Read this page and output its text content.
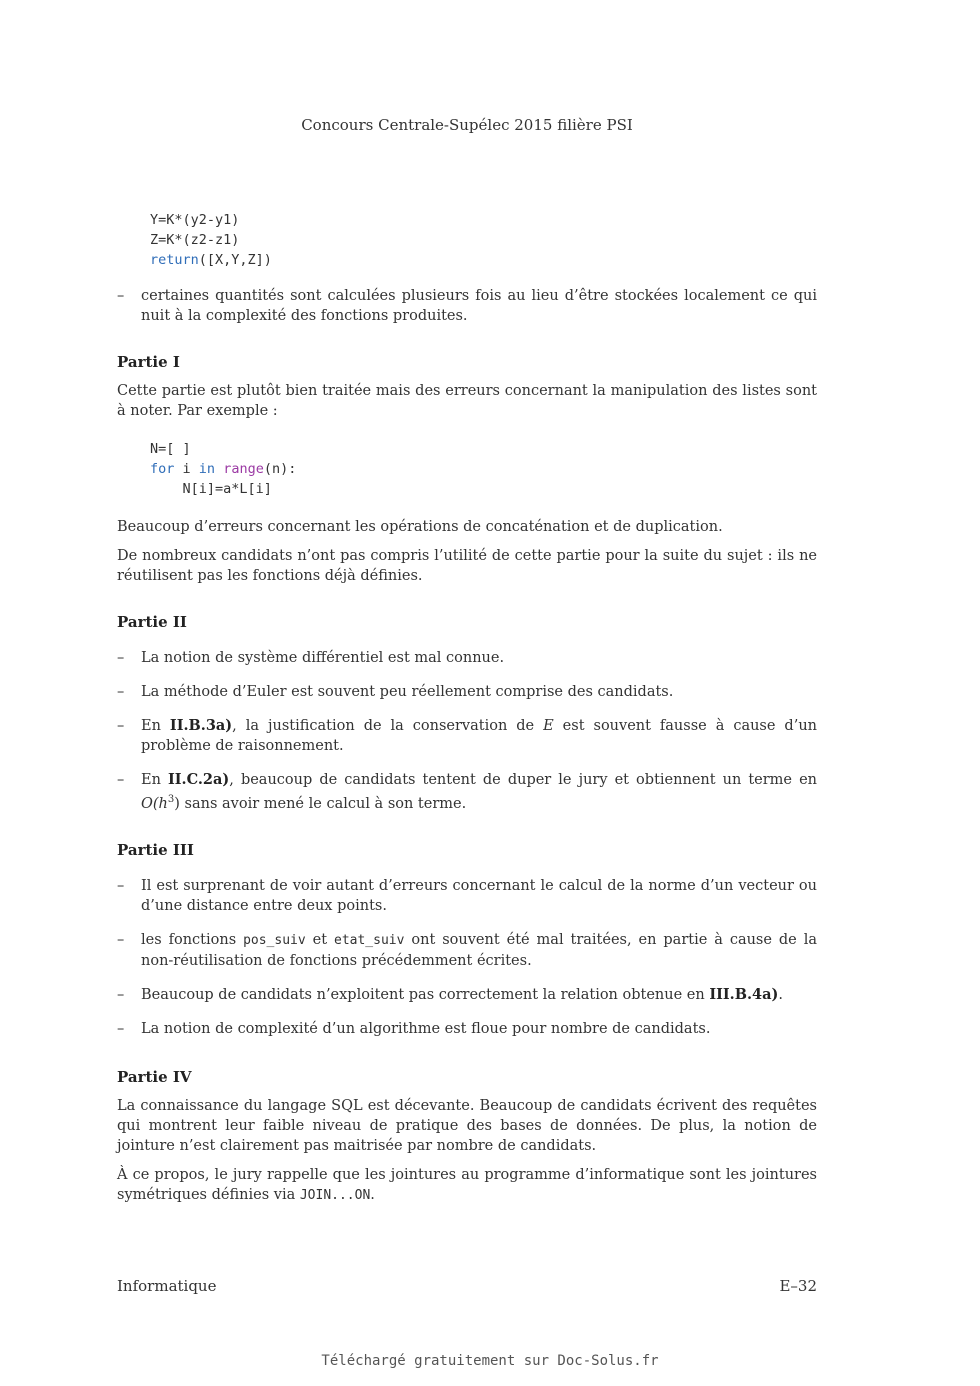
Concours Centrale-Supélec 2015 filière PSI
Y=K*(y2-y1)
Z=K*(z2-z1)
return([X,Y,Z])
– certaines quantités sont calculées plusieurs fois au lieu d’être stockées localement ce qui nuit à la complexité des fonctions produites.
Partie I

Cette partie est plutôt bien traitée mais des erreurs concernant la manipulation des listes sont à noter. Par exemple :

N=[ ]
for i in range(n):
N[i]=a*L[i]

Beaucoup d’erreurs concernant les opérations de concaténation et de duplication.

De nombreux candidats n’ont pas compris l’utilité de cette partie pour la suite du sujet : ils ne réutilisent pas les fonctions déjà définies.

Partie II
– La notion de système différentiel est mal connue.
– La méthode d’Euler est souvent peu réellement comprise des candidats.
– En II.B.3a), la justification de la conservation de E est souvent fausse à cause d’un problème de raisonnement.
– En II.C.2a), beaucoup de candidats tentent de duper le jury et obtiennent un terme en $O(h^3)$ sans avoir mené le calcul à son terme.
Partie III
– Il est surprenant de voir autant d’erreurs concernant le calcul de la norme d’un vecteur ou d’une distance entre deux points.
– les fonctions pos_suiv et etat_suiv ont souvent été mal traitées, en partie à cause de la non-réutilisation de fonctions précédemment écrites.
– Beaucoup de candidats n’exploitent pas correctement la relation obtenue en III.B.4a).
– La notion de complexité d’un algorithme est floue pour nombre de candidats.
Partie IV

La connaissance du langage SQL est décevante. Beaucoup de candidats écrivent des requêtes qui montrent leur faible niveau de pratique des bases de données. De plus, la notion de jointure n’est clairement pas maitrisée par nombre de candidats.

À ce propos, le jury rappelle que les jointures au programme d’informatique sont les jointures symétriques définies via JOIN...ON.

Informatique	E–32
Téléchargé gratuitement sur Doc-Solus.fr
